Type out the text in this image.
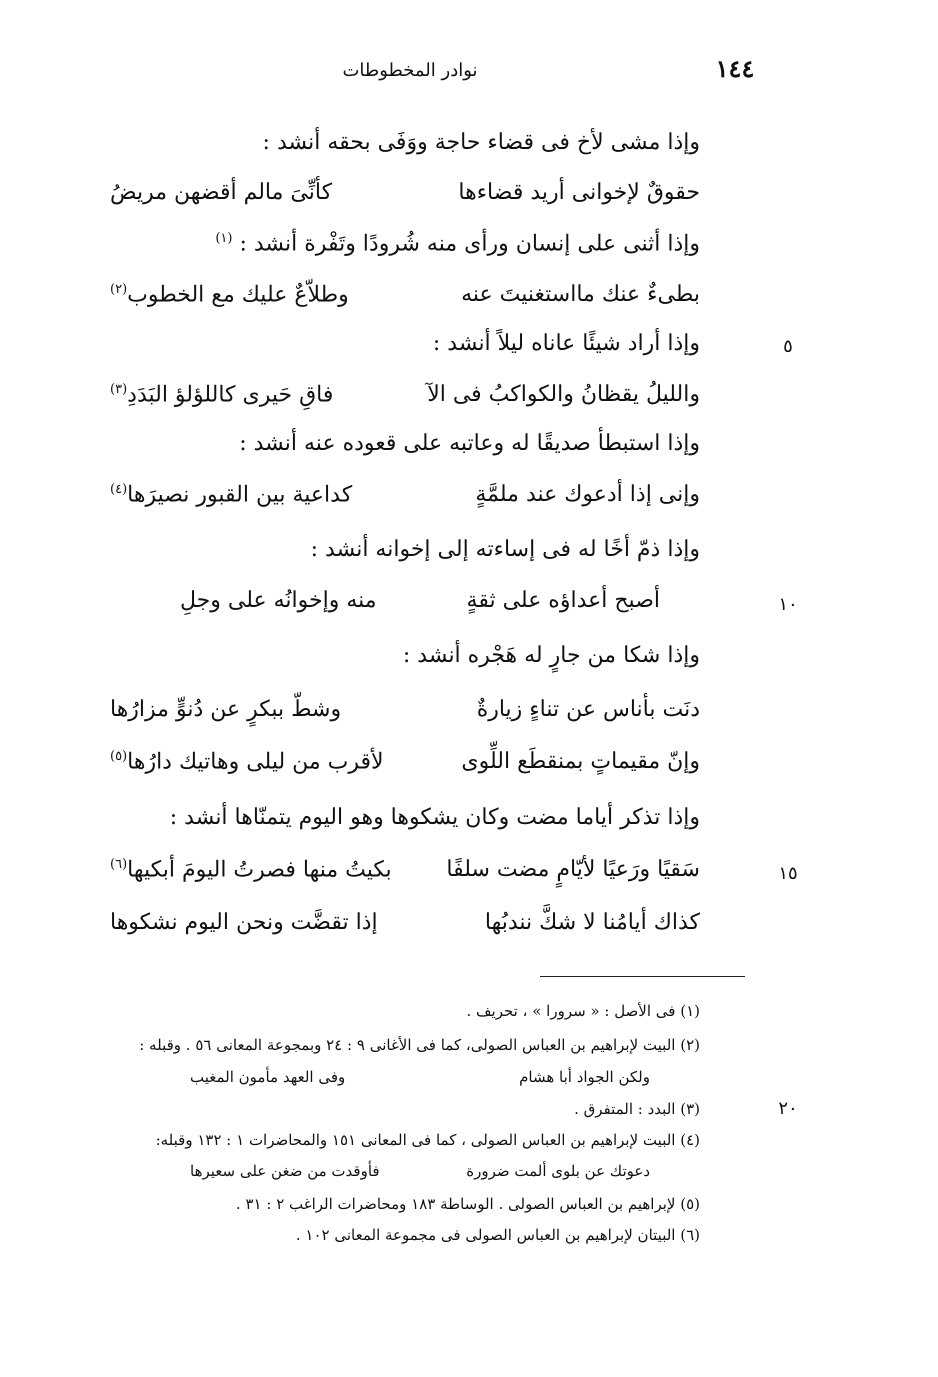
١٤٤
نوادر المخطوطات
وإذا مشى لأخ فى قضاء حاجة ووَفَى بحقه أنشد :
حقوقٌ لإخوانى أريد قضاءها
كأنِّىَ مالم أقضهن مريضُ
وإذا أثنى على إنسان ورأى منه شُرودًا وتَفْرة أنشد : $^{(١)}$
بطىءٌ عنك مااستغنيتَ عنه
وطلاّعٌ عليك مع الخطوب$^{(٢)}$
وإذا أراد شيئًا عاناه ليلاً أنشد :
والليلُ يقظانُ والكواكبُ فى الآ
فاقِ حَيرى كاللؤلؤ البَدَدِ$^{(٣)}$
وإذا استبطأ صديقًا له وعاتبه على قعوده عنه أنشد :
وإنى إذا أدعوك عند ملمَّةٍ
كداعية بين القبور نصيرَها$^{(٤)}$
وإذا ذمّ أخًا له فى إساءته إلى إخوانه أنشد :
أصبح أعداؤه على ثقةٍ
منه وإخوانُه على وجلِ
وإذا شكا من جارٍ له هَجْره أنشد :
دنَت بأناس عن تناءٍ زيارةٌ
وشطّ ببكرٍ عن دُنوٍّ مزارُها
وإنّ مقيماتٍ بمنقطَع اللِّوى
لأقرب من ليلى وهاتيك دارُها$^{(٥)}$
وإذا تذكر أياما مضت وكان يشكوها وهو اليوم يتمنّاها أنشد :
سَقيًا ورَعيًا لأيّامٍ مضت سلفًا
بكيتُ منها فصرتُ اليومَ أبكيها$^{(٦)}$
كذاك أيامُنا لا شكَّ نندبُها
إذا تقضَّت ونحن اليوم نشكوها
٥
١٠
١٥
٢٠
(١) فى الأصل : « سرورا » ، تحريف .
(٢) البيت لإبراهيم بن العباس الصولى، كما فى الأغانى ٩ : ٢٤ وبمجوعة المعانى ٥٦ . وقبله :
ولكن الجواد أبا هشام
وفى العهد مأمون المغيب
(٣) البدد : المتفرق .
(٤) البيت لإبراهيم بن العباس الصولى ، كما فى المعانى ١٥١ والمحاضرات ١ : ١٣٢ وقبله:
دعوتك عن بلوى ألمت ضرورة
فأوقدت من ضغن على سعيرها
(٥) لإبراهيم بن العباس الصولى . الوساطة ١٨٣ ومحاضرات الراغب ٢ : ٣١ .
(٦) البيتان لإبراهيم بن العباس الصولى فى مجموعة المعانى ١٠٢ .
